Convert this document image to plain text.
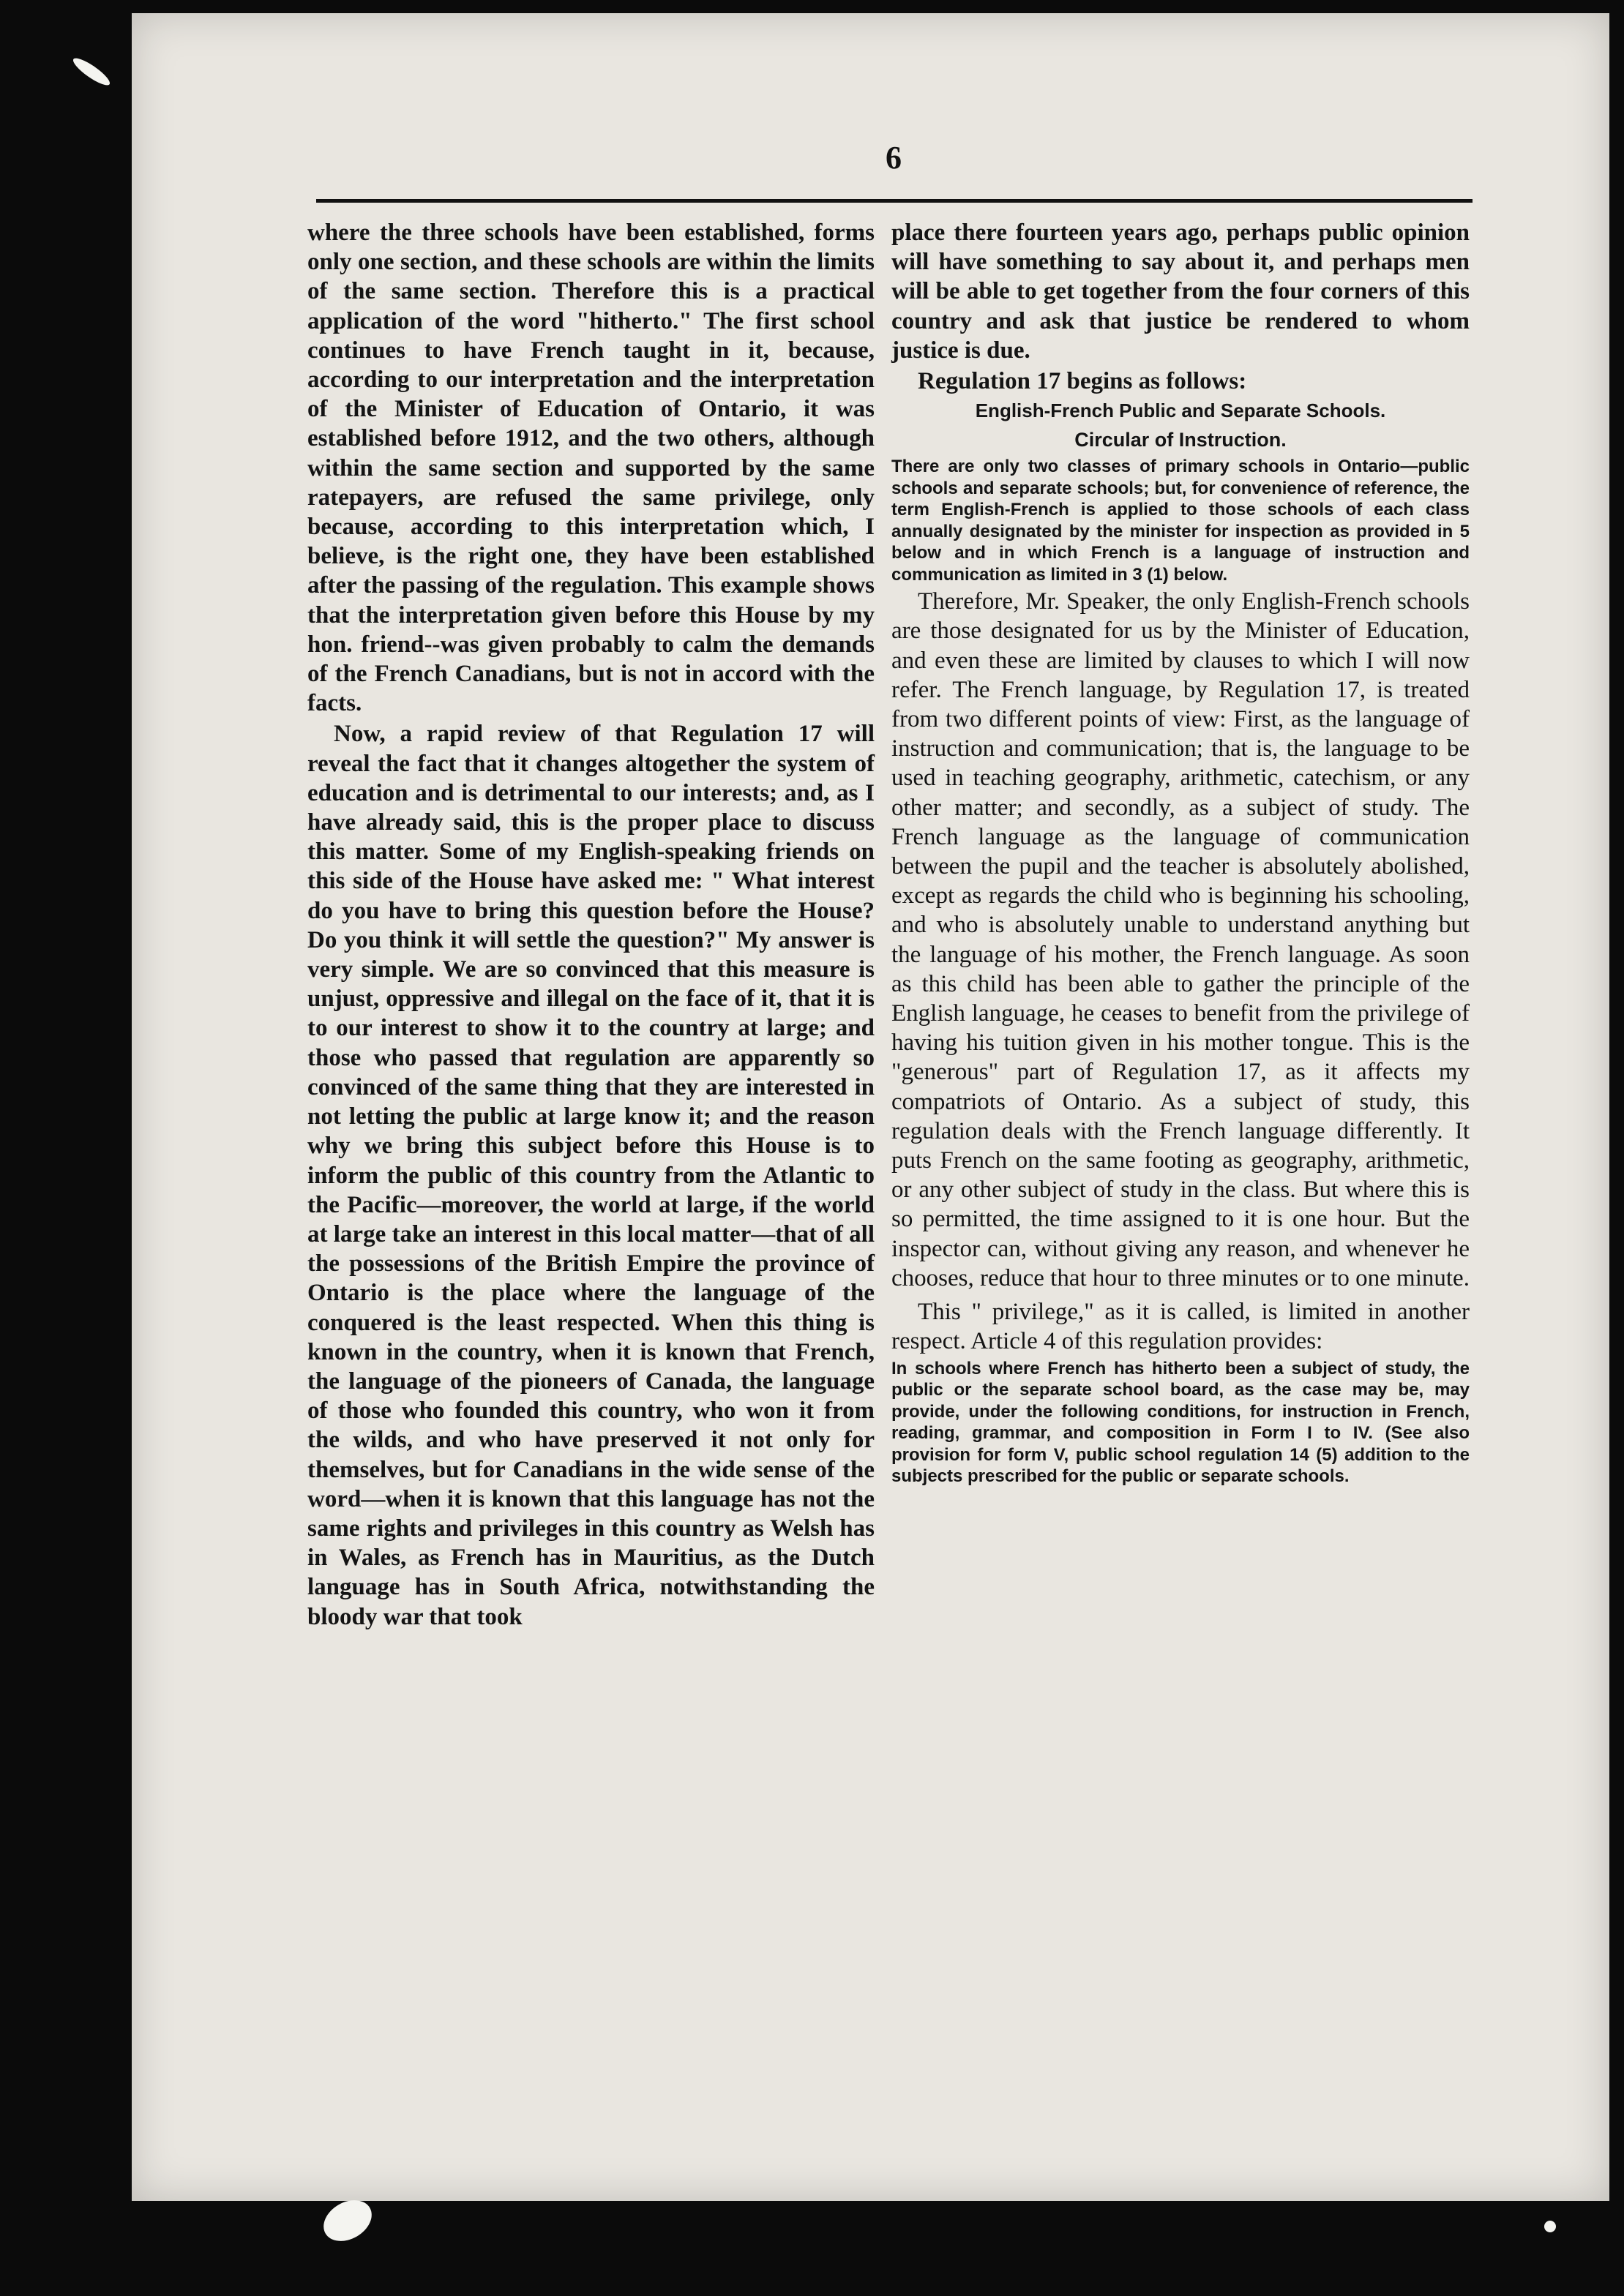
6

where the three schools have been established, forms only one section, and these schools are within the limits of the same section. Therefore this is a practical application of the word "hitherto." The first school continues to have French taught in it, because, according to our interpretation and the interpretation of the Minister of Education of Ontario, it was established before 1912, and the two others, although within the same section and supported by the same ratepayers, are refused the same privilege, only because, according to this interpretation which, I believe, is the right one, they have been established after the passing of the regulation. This example shows that the interpretation given before this House by my hon. friend--was given probably to calm the demands of the French Canadians, but is not in accord with the facts.

Now, a rapid review of that Regulation 17 will reveal the fact that it changes altogether the system of education and is detrimental to our interests; and, as I have already said, this is the proper place to discuss this matter. Some of my English-speaking friends on this side of the House have asked me: " What interest do you have to bring this question before the House? Do you think it will settle the question?" My answer is very simple. We are so convinced that this measure is unjust, oppressive and illegal on the face of it, that it is to our interest to show it to the country at large; and those who passed that regulation are apparently so convinced of the same thing that they are interested in not letting the public at large know it; and the reason why we bring this subject before this House is to inform the public of this country from the Atlantic to the Pacific—moreover, the world at large, if the world at large take an interest in this local matter—that of all the possessions of the British Empire the province of Ontario is the place where the language of the conquered is the least respected. When this thing is known in the country, when it is known that French, the language of the pioneers of Canada, the language of those who founded this country, who won it from the wilds, and who have preserved it not only for themselves, but for Canadians in the wide sense of the word—when it is known that this language has not the same rights and privileges in this country as Welsh has in Wales, as French has in Mauritius, as the Dutch language has in South Africa, notwithstanding the bloody war that took

place there fourteen years ago, perhaps public opinion will have something to say about it, and perhaps men will be able to get together from the four corners of this country and ask that justice be rendered to whom justice is due.

Regulation 17 begins as follows:

English-French Public and Separate Schools.

Circular of Instruction.

There are only two classes of primary schools in Ontario—public schools and separate schools; but, for convenience of reference, the term English-French is applied to those schools of each class annually designated by the minister for inspection as provided in 5 below and in which French is a language of instruction and communication as limited in 3 (1) below.

Therefore, Mr. Speaker, the only English-French schools are those designated for us by the Minister of Education, and even these are limited by clauses to which I will now refer. The French language, by Regulation 17, is treated from two different points of view: First, as the language of instruction and communication; that is, the language to be used in teaching geography, arithmetic, catechism, or any other matter; and secondly, as a subject of study. The French language as the language of communication between the pupil and the teacher is absolutely abolished, except as regards the child who is beginning his schooling, and who is absolutely unable to understand anything but the language of his mother, the French language. As soon as this child has been able to gather the principle of the English language, he ceases to benefit from the privilege of having his tuition given in his mother tongue. This is the "generous" part of Regulation 17, as it affects my compatriots of Ontario. As a subject of study, this regulation deals with the French language differently. It puts French on the same footing as geography, arithmetic, or any other subject of study in the class. But where this is so permitted, the time assigned to it is one hour. But the inspector can, without giving any reason, and whenever he chooses, reduce that hour to three minutes or to one minute.

This " privilege," as it is called, is limited in another respect. Article 4 of this regulation provides:

In schools where French has hitherto been a subject of study, the public or the separate school board, as the case may be, may provide, under the following conditions, for instruction in French, reading, grammar, and composition in Form I to IV. (See also provision for form V, public school regulation 14 (5) addition to the subjects prescribed for the public or separate schools.
